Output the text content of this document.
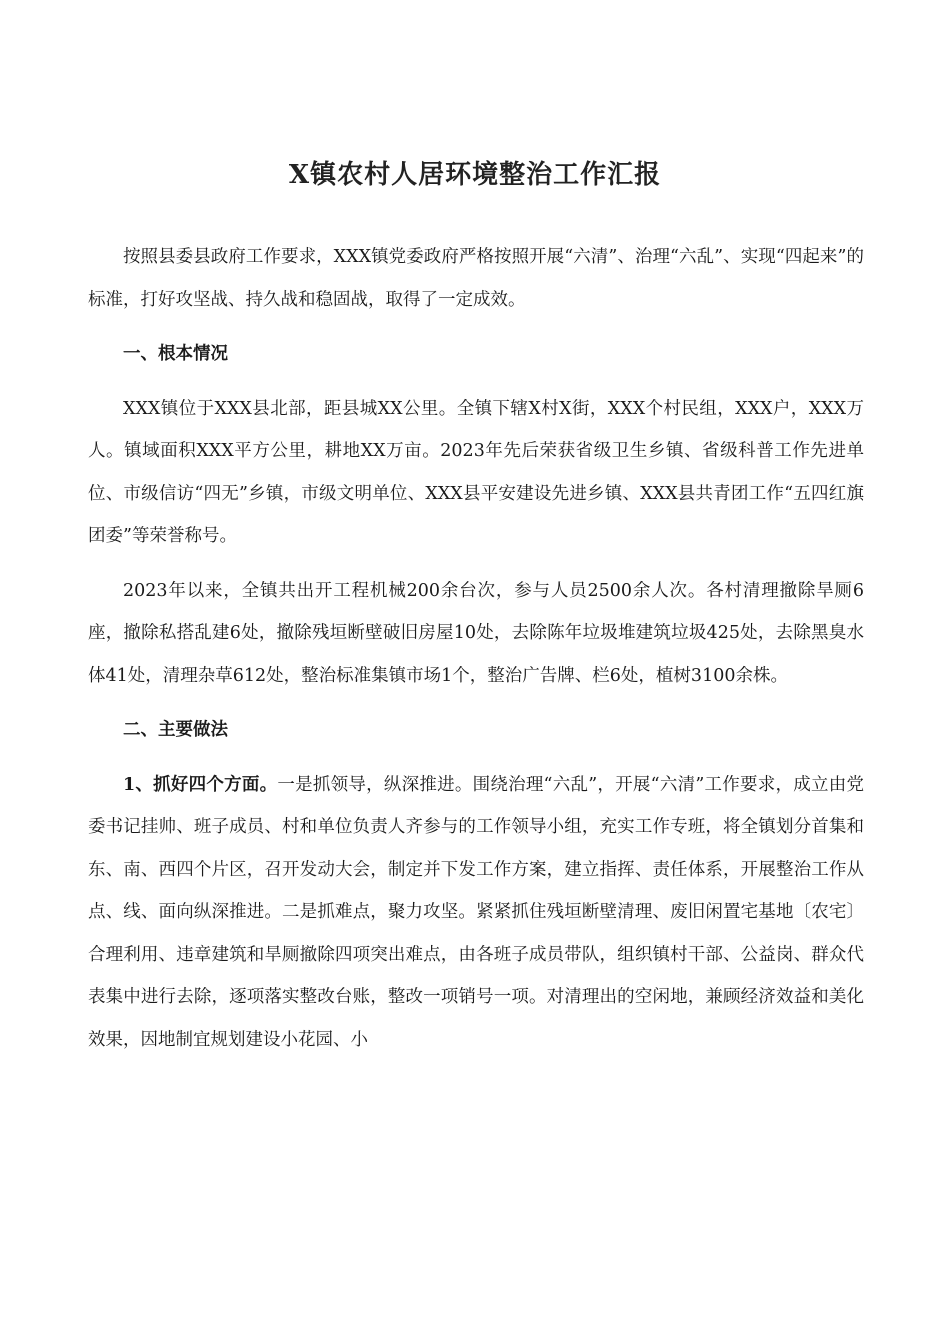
X镇农村人居环境整治工作汇报

按照县委县政府工作要求，XXX镇党委政府严格按照开展“六清”、治理“六乱”、实现“四起来”的标准，打好攻坚战、持久战和稳固战，取得了一定成效。

一、根本情况

XXX镇位于XXX县北部，距县城XX公里。全镇下辖X村X街，XXX个村民组，XXX户，XXX万人。镇域面积XXX平方公里，耕地XX万亩。2023年先后荣获省级卫生乡镇、省级科普工作先进单位、市级信访“四无”乡镇，市级文明单位、XXX县平安建设先进乡镇、XXX县共青团工作“五四红旗团委”等荣誉称号。

2023年以来，全镇共出开工程机械200余台次，参与人员2500余人次。各村清理撤除旱厕6座，撤除私搭乱建6处，撤除残垣断壁破旧房屋10处，去除陈年垃圾堆建筑垃圾425处，去除黑臭水体41处，清理杂草612处，整治标准集镇市场1个，整治广告牌、栏6处，植树3100余株。

二、主要做法

1、抓好四个方面。一是抓领导，纵深推进。围绕治理“六乱”，开展“六清”工作要求，成立由党委书记挂帅、班子成员、村和单位负责人齐参与的工作领导小组，充实工作专班，将全镇划分首集和东、南、西四个片区，召开发动大会，制定并下发工作方案，建立指挥、责任体系，开展整治工作从点、线、面向纵深推进。二是抓难点，聚力攻坚。紧紧抓住残垣断壁清理、废旧闲置宅基地〔农宅〕合理利用、违章建筑和旱厕撤除四项突出难点，由各班子成员带队，组织镇村干部、公益岗、群众代表集中进行去除，逐项落实整改台账，整改一项销号一项。对清理出的空闲地，兼顾经济效益和美化效果，因地制宜规划建设小花园、小
